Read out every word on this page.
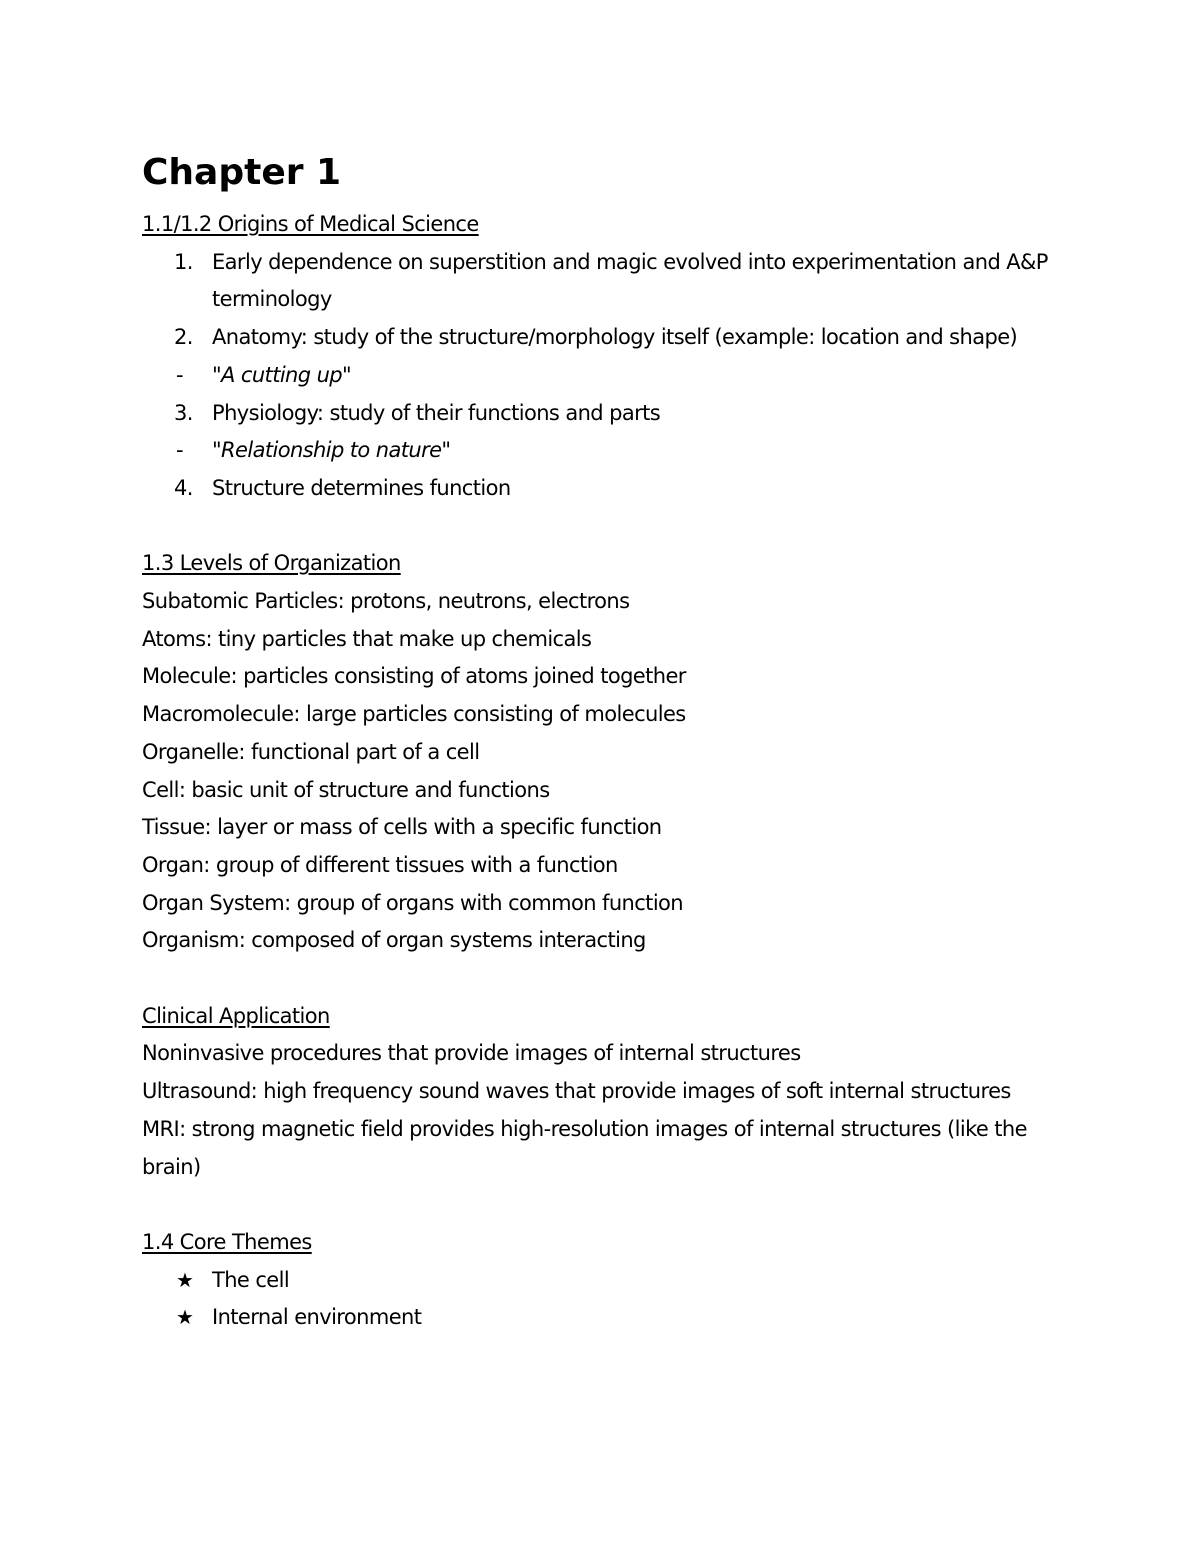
Chapter 1
1.1/1.2 Origins of Medical Science
1. Early dependence on superstition and magic evolved into experimentation and A&P terminology
2. Anatomy: study of the structure/morphology itself (example: location and shape)
- "A cutting up"
3. Physiology: study of their functions and parts
- "Relationship to nature"
4. Structure determines function
1.3 Levels of Organization
Subatomic Particles: protons, neutrons, electrons
Atoms: tiny particles that make up chemicals
Molecule: particles consisting of atoms joined together
Macromolecule: large particles consisting of molecules
Organelle: functional part of a cell
Cell: basic unit of structure and functions
Tissue: layer or mass of cells with a specific function
Organ: group of different tissues with a function
Organ System: group of organs with common function
Organism: composed of organ systems interacting
Clinical Application
Noninvasive procedures that provide images of internal structures
Ultrasound: high frequency sound waves that provide images of soft internal structures
MRI: strong magnetic field provides high-resolution images of internal structures (like the brain)
1.4 Core Themes
★ The cell
★ Internal environment
